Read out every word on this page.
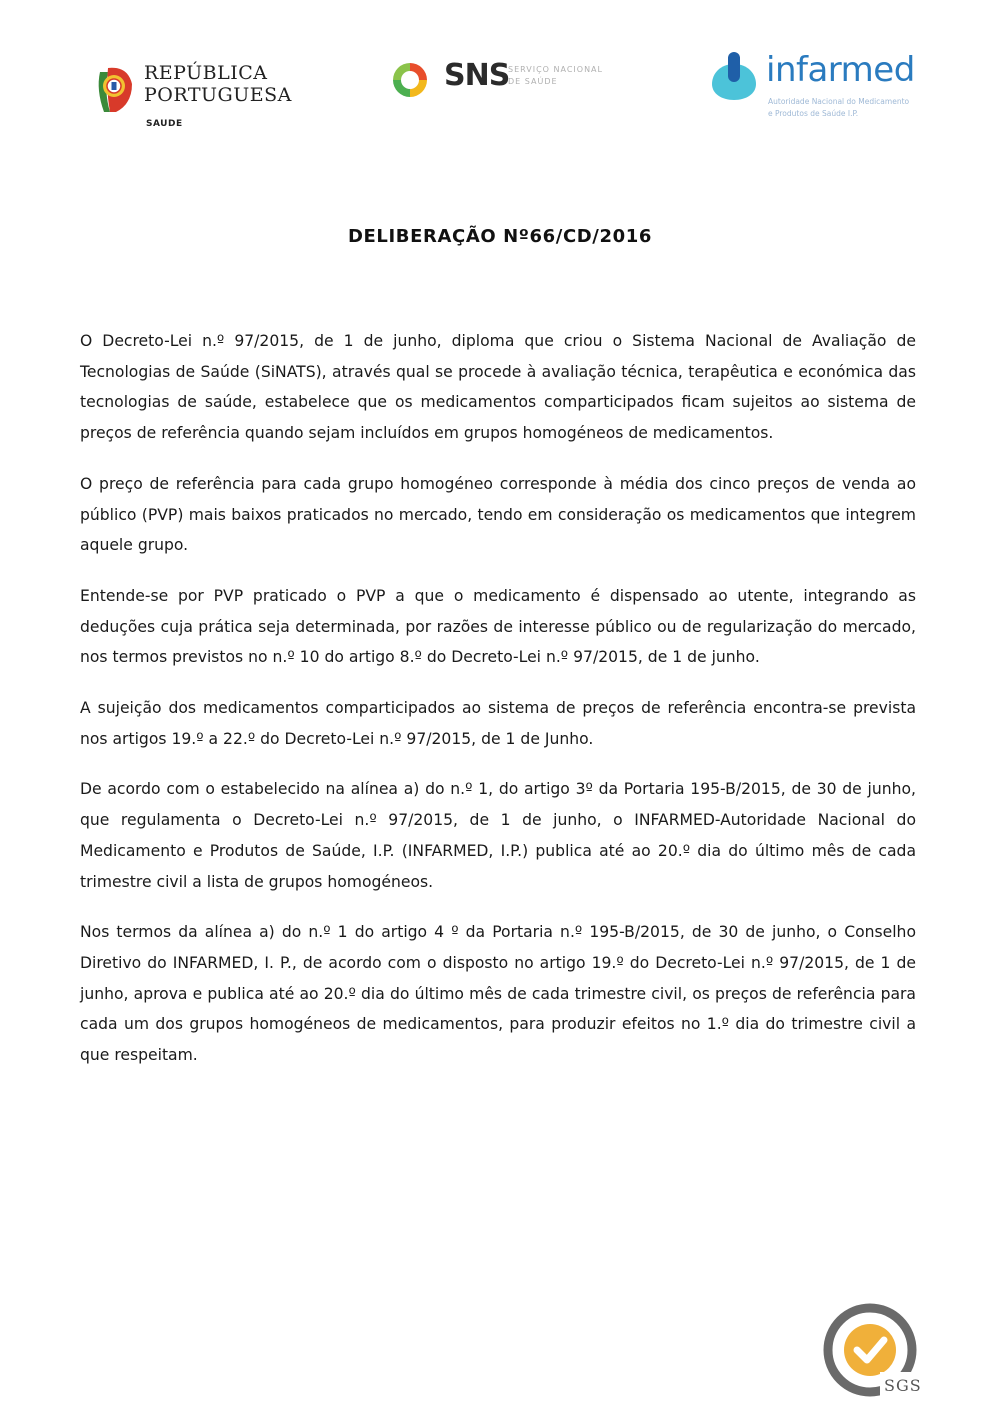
REPÚBLICA
PORTUGUESA
SAUDE
SNS
SERVIÇO NACIONAL
DE SAÚDE	infarmed
Autoridade Nacional do Medicamento
e Produtos de Saúde I.P.
DELIBERAÇÃO Nº66/CD/2016

O Decreto-Lei n.º 97/2015, de 1 de junho, diploma que criou o Sistema Nacional de Avaliação de Tecnologias de Saúde (SiNATS), através qual se procede à avaliação técnica, terapêutica e económica das tecnologias de saúde, estabelece que os medicamentos comparticipados ficam sujeitos ao sistema de preços de referência quando sejam incluídos em grupos homogéneos de medicamentos.

O preço de referência para cada grupo homogéneo corresponde à média dos cinco preços de venda ao público (PVP) mais baixos praticados no mercado, tendo em consideração os medicamentos que integrem aquele grupo.

Entende-se por PVP praticado o PVP a que o medicamento é dispensado ao utente, integrando as deduções cuja prática seja determinada, por razões de interesse público ou de regularização do mercado, nos termos previstos no n.º 10 do artigo 8.º do Decreto-Lei n.º 97/2015, de 1 de junho.

A sujeição dos medicamentos comparticipados ao sistema de preços de referência encontra-se prevista nos artigos 19.º a 22.º do Decreto-Lei n.º 97/2015, de 1 de Junho.

De acordo com o estabelecido na alínea a) do n.º 1, do artigo 3º da Portaria 195-B/2015, de 30 de junho, que regulamenta o Decreto-Lei n.º 97/2015, de 1 de junho, o INFARMED-Autoridade Nacional do Medicamento e Produtos de Saúde, I.P. (INFARMED, I.P.) publica até ao 20.º dia do último mês de cada trimestre civil a lista de grupos homogéneos.

Nos termos da alínea a) do n.º 1 do artigo 4 º da Portaria n.º 195-B/2015, de 30 de junho, o Conselho Diretivo do INFARMED, I. P., de acordo com o disposto no artigo 19.º do Decreto-Lei n.º 97/2015, de 1 de junho, aprova e publica até ao 20.º dia do último mês de cada trimestre civil, os preços de referência para cada um dos grupos homogéneos de medicamentos, para produzir efeitos no 1.º dia do trimestre civil a que respeitam.

SGS
